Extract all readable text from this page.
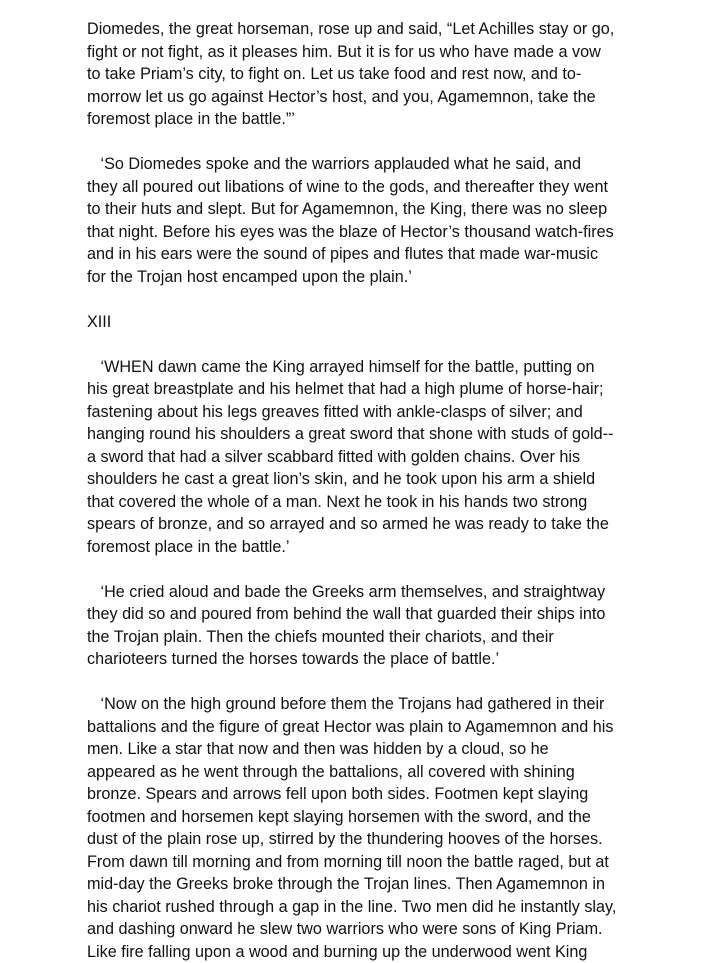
Diomedes, the great horseman, rose up and said, “Let Achilles stay or go,
fight or not fight, as it pleases him. But it is for us who have made a vow
to take Priam’s city, to fight on. Let us take food and rest now, and to-
morrow let us go against Hector’s host, and you, Agamemnon, take the
foremost place in the battle.”’
‘So Diomedes spoke and the warriors applauded what he said, and
they all poured out libations of wine to the gods, and thereafter they went
to their huts and slept. But for Agamemnon, the King, there was no sleep
that night. Before his eyes was the blaze of Hector’s thousand watch-fires
and in his ears were the sound of pipes and flutes that made war-music
for the Trojan host encamped upon the plain.’
XIII
‘WHEN dawn came the King arrayed himself for the battle, putting on
his great breastplate and his helmet that had a high plume of horse-hair;
fastening about his legs greaves fitted with ankle-clasps of silver; and
hanging round his shoulders a great sword that shone with studs of gold--
a sword that had a silver scabbard fitted with golden chains. Over his
shoulders he cast a great lion’s skin, and he took upon his arm a shield
that covered the whole of a man. Next he took in his hands two strong
spears of bronze, and so arrayed and so armed he was ready to take the
foremost place in the battle.’
‘He cried aloud and bade the Greeks arm themselves, and straightway
they did so and poured from behind the wall that guarded their ships into
the Trojan plain. Then the chiefs mounted their chariots, and their
charioteers turned the horses towards the place of battle.’
‘Now on the high ground before them the Trojans had gathered in their
battalions and the figure of great Hector was plain to Agamemnon and his
men. Like a star that now and then was hidden by a cloud, so he
appeared as he went through the battalions, all covered with shining
bronze. Spears and arrows fell upon both sides. Footmen kept slaying
footmen and horsemen kept slaying horsemen with the sword, and the
dust of the plain rose up, stirred by the thundering hooves of the horses.
From dawn till morning and from morning till noon the battle raged, but at
mid-day the Greeks broke through the Trojan lines. Then Agamemnon in
his chariot rushed through a gap in the line. Two men did he instantly slay,
and dashing onward he slew two warriors who were sons of King Priam.
Like fire falling upon a wood and burning up the underwood went King
